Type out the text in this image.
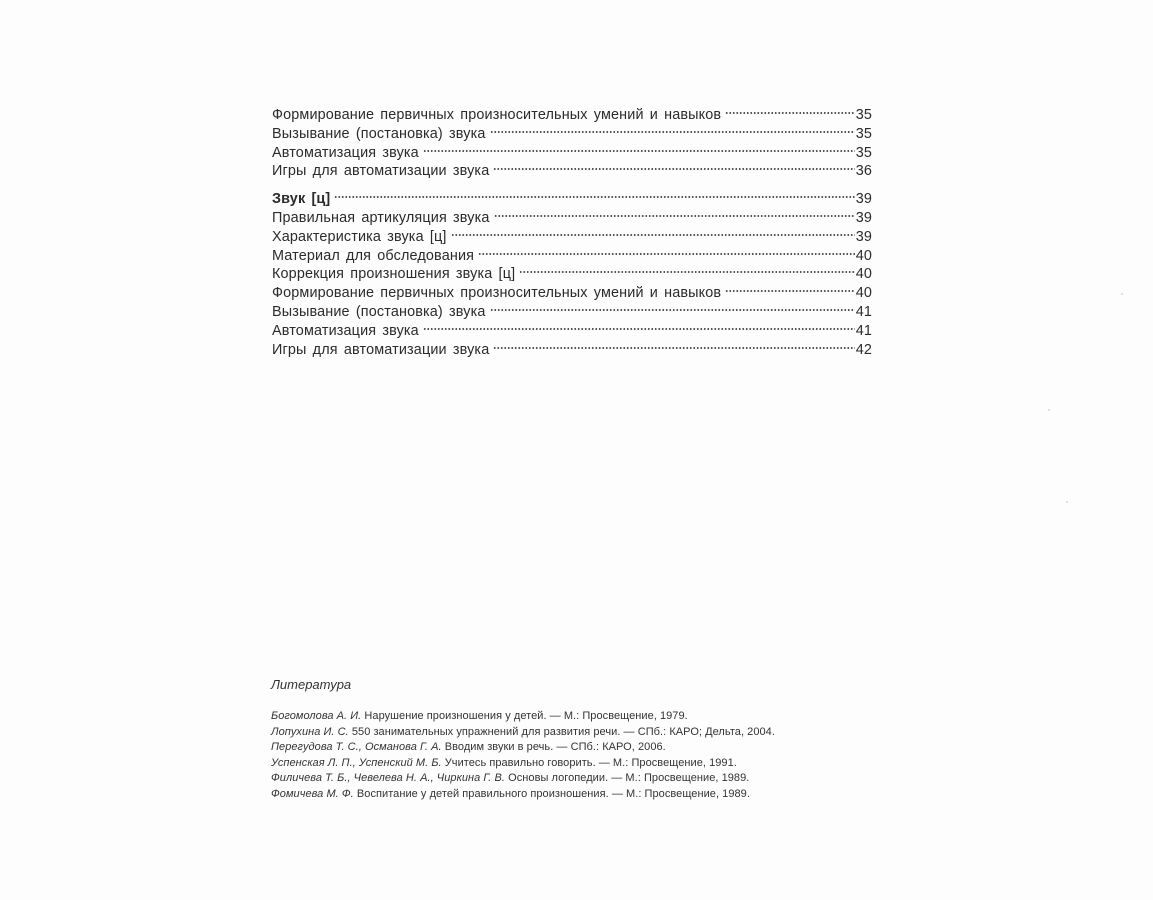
Формирование первичных произносительных умений и навыков	35
Вызывание (постановка) звука	35
Автоматизация звука	35
Игры для автоматизации звука	36
Звук [ц]	39
Правильная артикуляция звука	39
Характеристика звука [ц]	39
Материал для обследования	40
Коррекция произношения звука [ц]	40
Формирование первичных произносительных умений и навыков	40
Вызывание (постановка) звука	41
Автоматизация звука	41
Игры для автоматизации звука	42
Литература
Богомолова А. И. Нарушение произношения у детей. — М.: Просвещение, 1979.
Лопухина И. С. 550 занимательных упражнений для развития речи. — СПб.: КАРО; Дельта, 2004.
Перегудова Т. С., Османова Г. А. Вводим звуки в речь. — СПб.: КАРО, 2006.
Успенская Л. П., Успенский М. Б. Учитесь правильно говорить. — М.: Просвещение, 1991.
Филичева Т. Б., Чевелева Н. А., Чиркина Г. В. Основы логопедии. — М.: Просвещение, 1989.
Фомичева М. Ф. Воспитание у детей правильного произношения. — М.: Просвещение, 1989.
